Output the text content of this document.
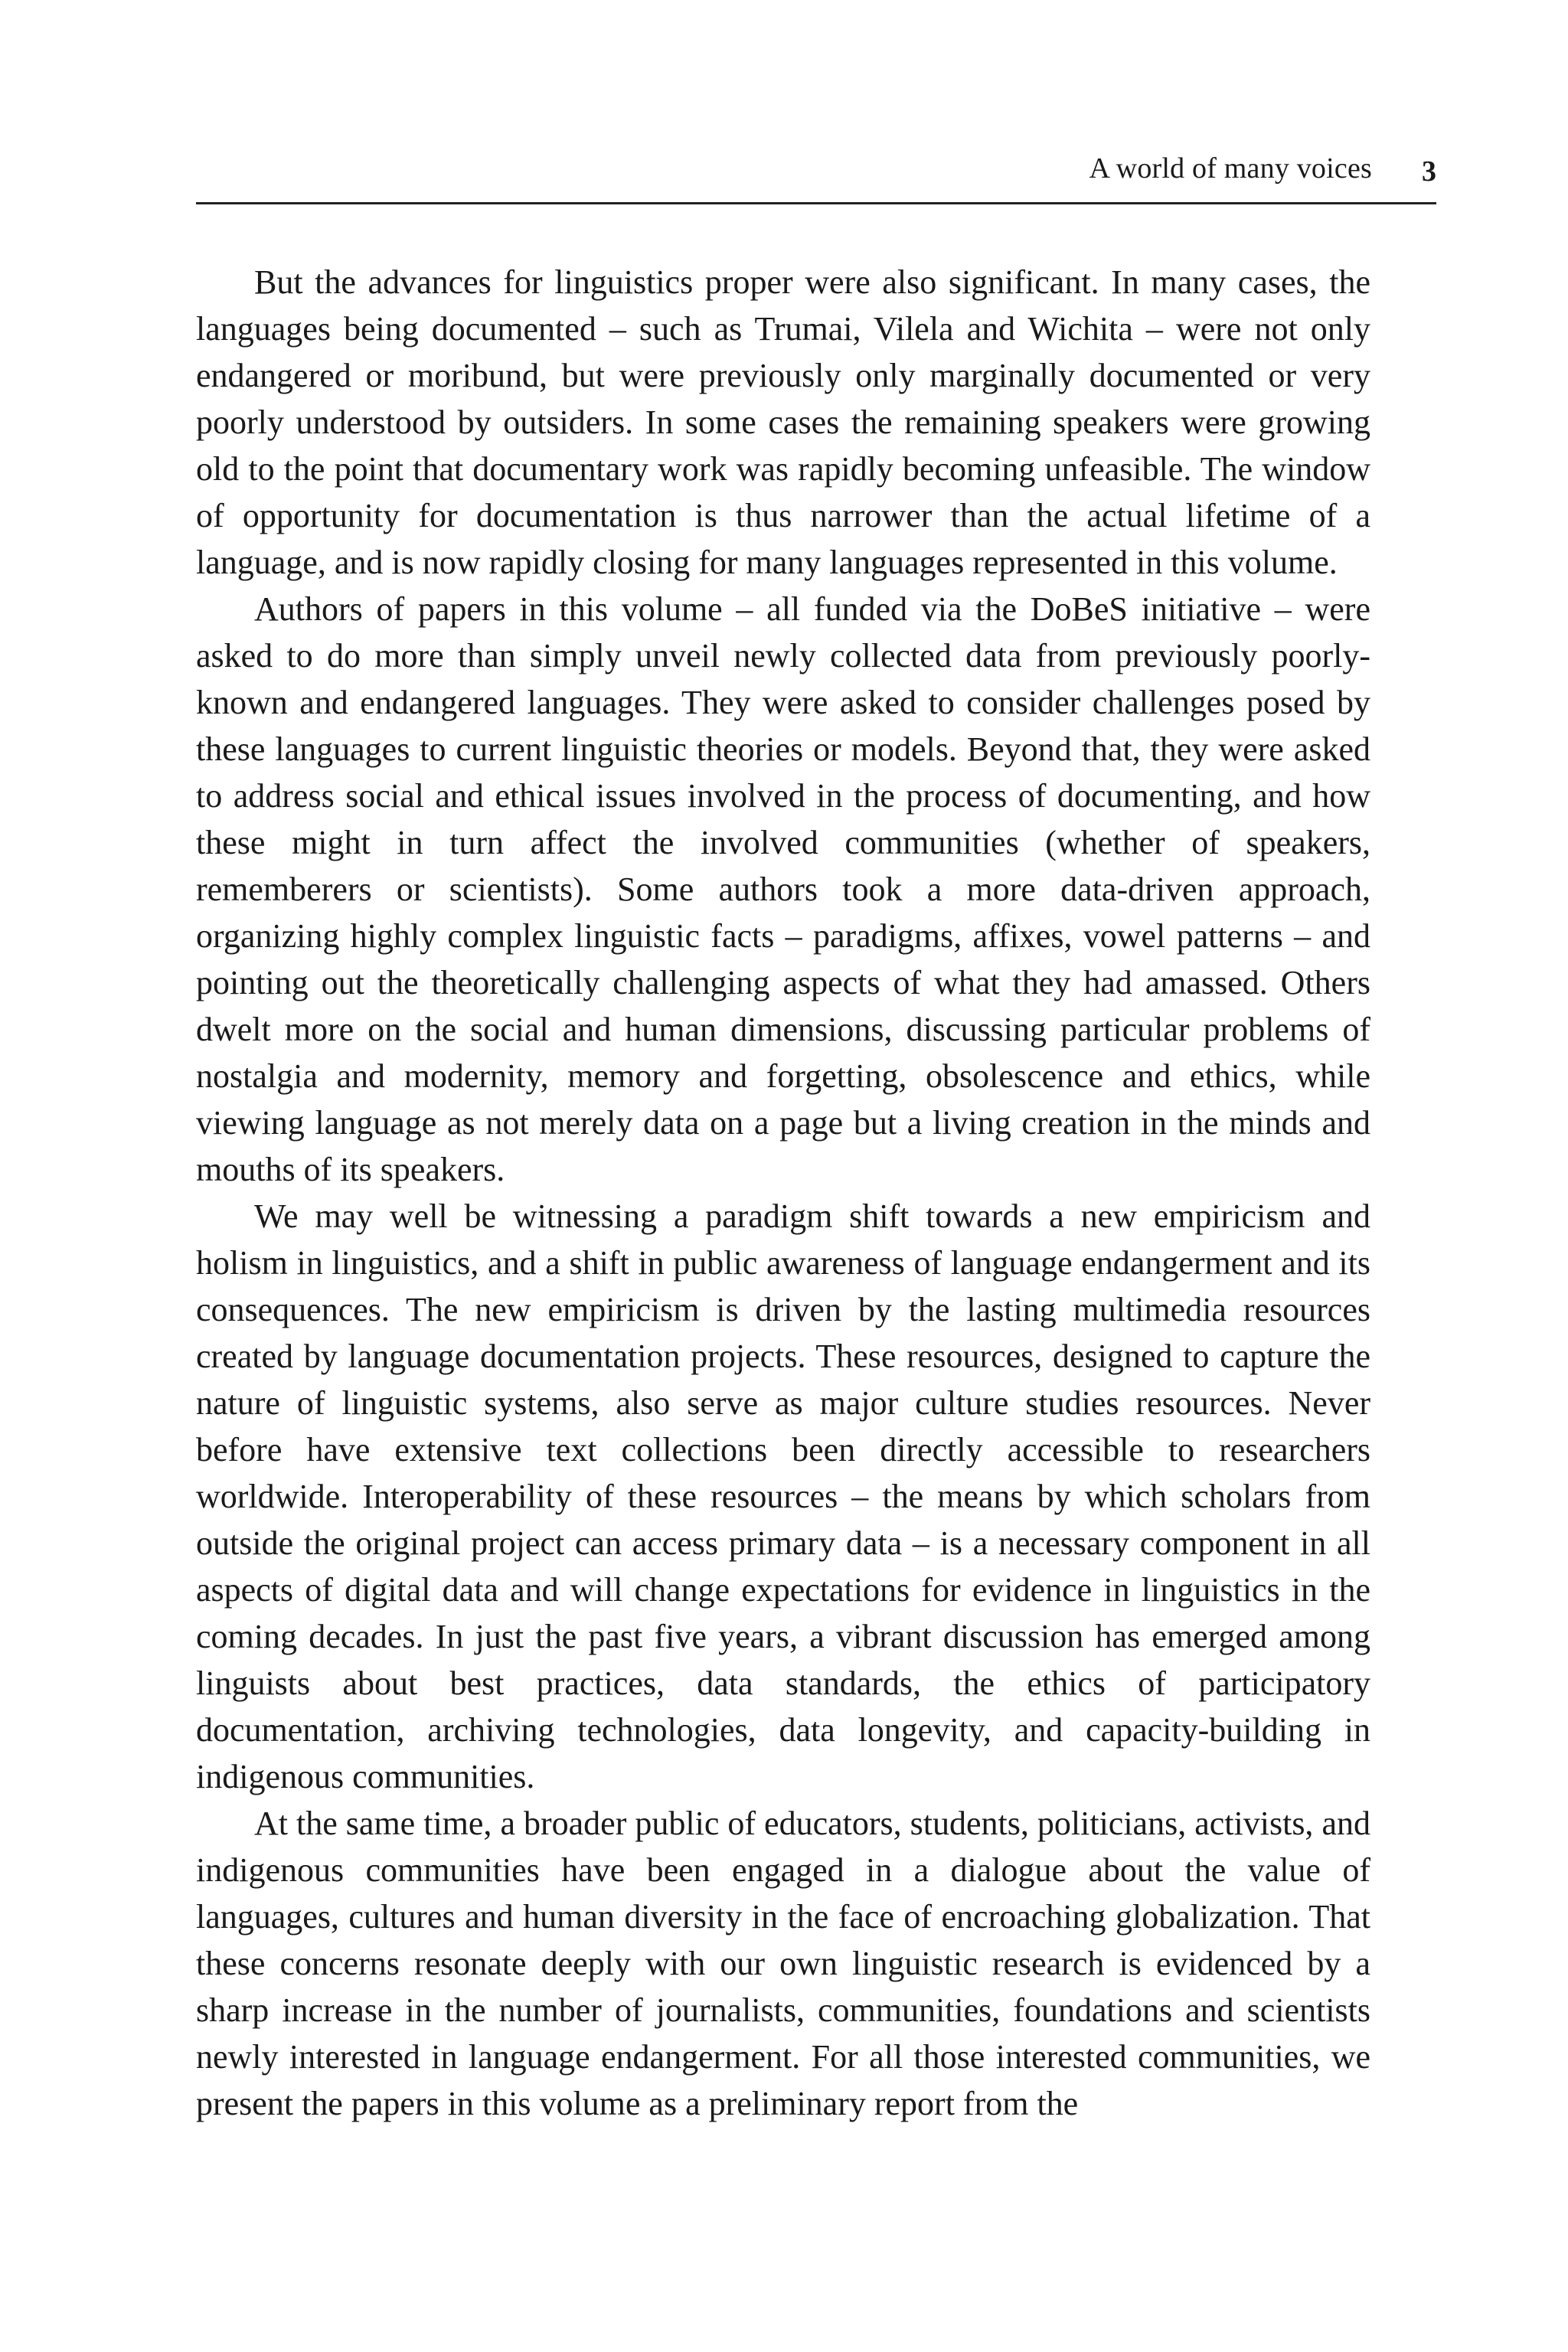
A world of many voices 3

But the advances for linguistics proper were also significant. In many cases, the languages being documented – such as Trumai, Vilela and Wichita – were not only endangered or moribund, but were previously only marginally documented or very poorly understood by outsiders. In some cases the remaining speakers were growing old to the point that documentary work was rapidly becoming unfeasible. The window of opportunity for documentation is thus narrower than the actual lifetime of a language, and is now rapidly closing for many languages represented in this volume.

Authors of papers in this volume – all funded via the DoBeS initiative – were asked to do more than simply unveil newly collected data from previously poorly-known and endangered languages. They were asked to consider challenges posed by these languages to current linguistic theories or models. Beyond that, they were asked to address social and ethical issues involved in the process of documenting, and how these might in turn affect the involved communities (whether of speakers, rememberers or scientists). Some authors took a more data-driven approach, organizing highly complex linguistic facts – paradigms, affixes, vowel patterns – and pointing out the theoretically challenging aspects of what they had amassed. Others dwelt more on the social and human dimensions, discussing particular problems of nostalgia and modernity, memory and forgetting, obsolescence and ethics, while viewing language as not merely data on a page but a living creation in the minds and mouths of its speakers.

We may well be witnessing a paradigm shift towards a new empiricism and holism in linguistics, and a shift in public awareness of language endangerment and its consequences. The new empiricism is driven by the lasting multimedia resources created by language documentation projects. These resources, designed to capture the nature of linguistic systems, also serve as major culture studies resources. Never before have extensive text collections been directly accessible to researchers worldwide. Interoperability of these resources – the means by which scholars from outside the original project can access primary data – is a necessary component in all aspects of digital data and will change expectations for evidence in linguistics in the coming decades. In just the past five years, a vibrant discussion has emerged among linguists about best practices, data standards, the ethics of participatory documentation, archiving technologies, data longevity, and capacity-building in indigenous communities.

At the same time, a broader public of educators, students, politicians, activists, and indigenous communities have been engaged in a dialogue about the value of languages, cultures and human diversity in the face of encroaching globalization. That these concerns resonate deeply with our own linguistic research is evidenced by a sharp increase in the number of journalists, communities, foundations and scientists newly interested in language endangerment. For all those interested communities, we present the papers in this volume as a preliminary report from the
